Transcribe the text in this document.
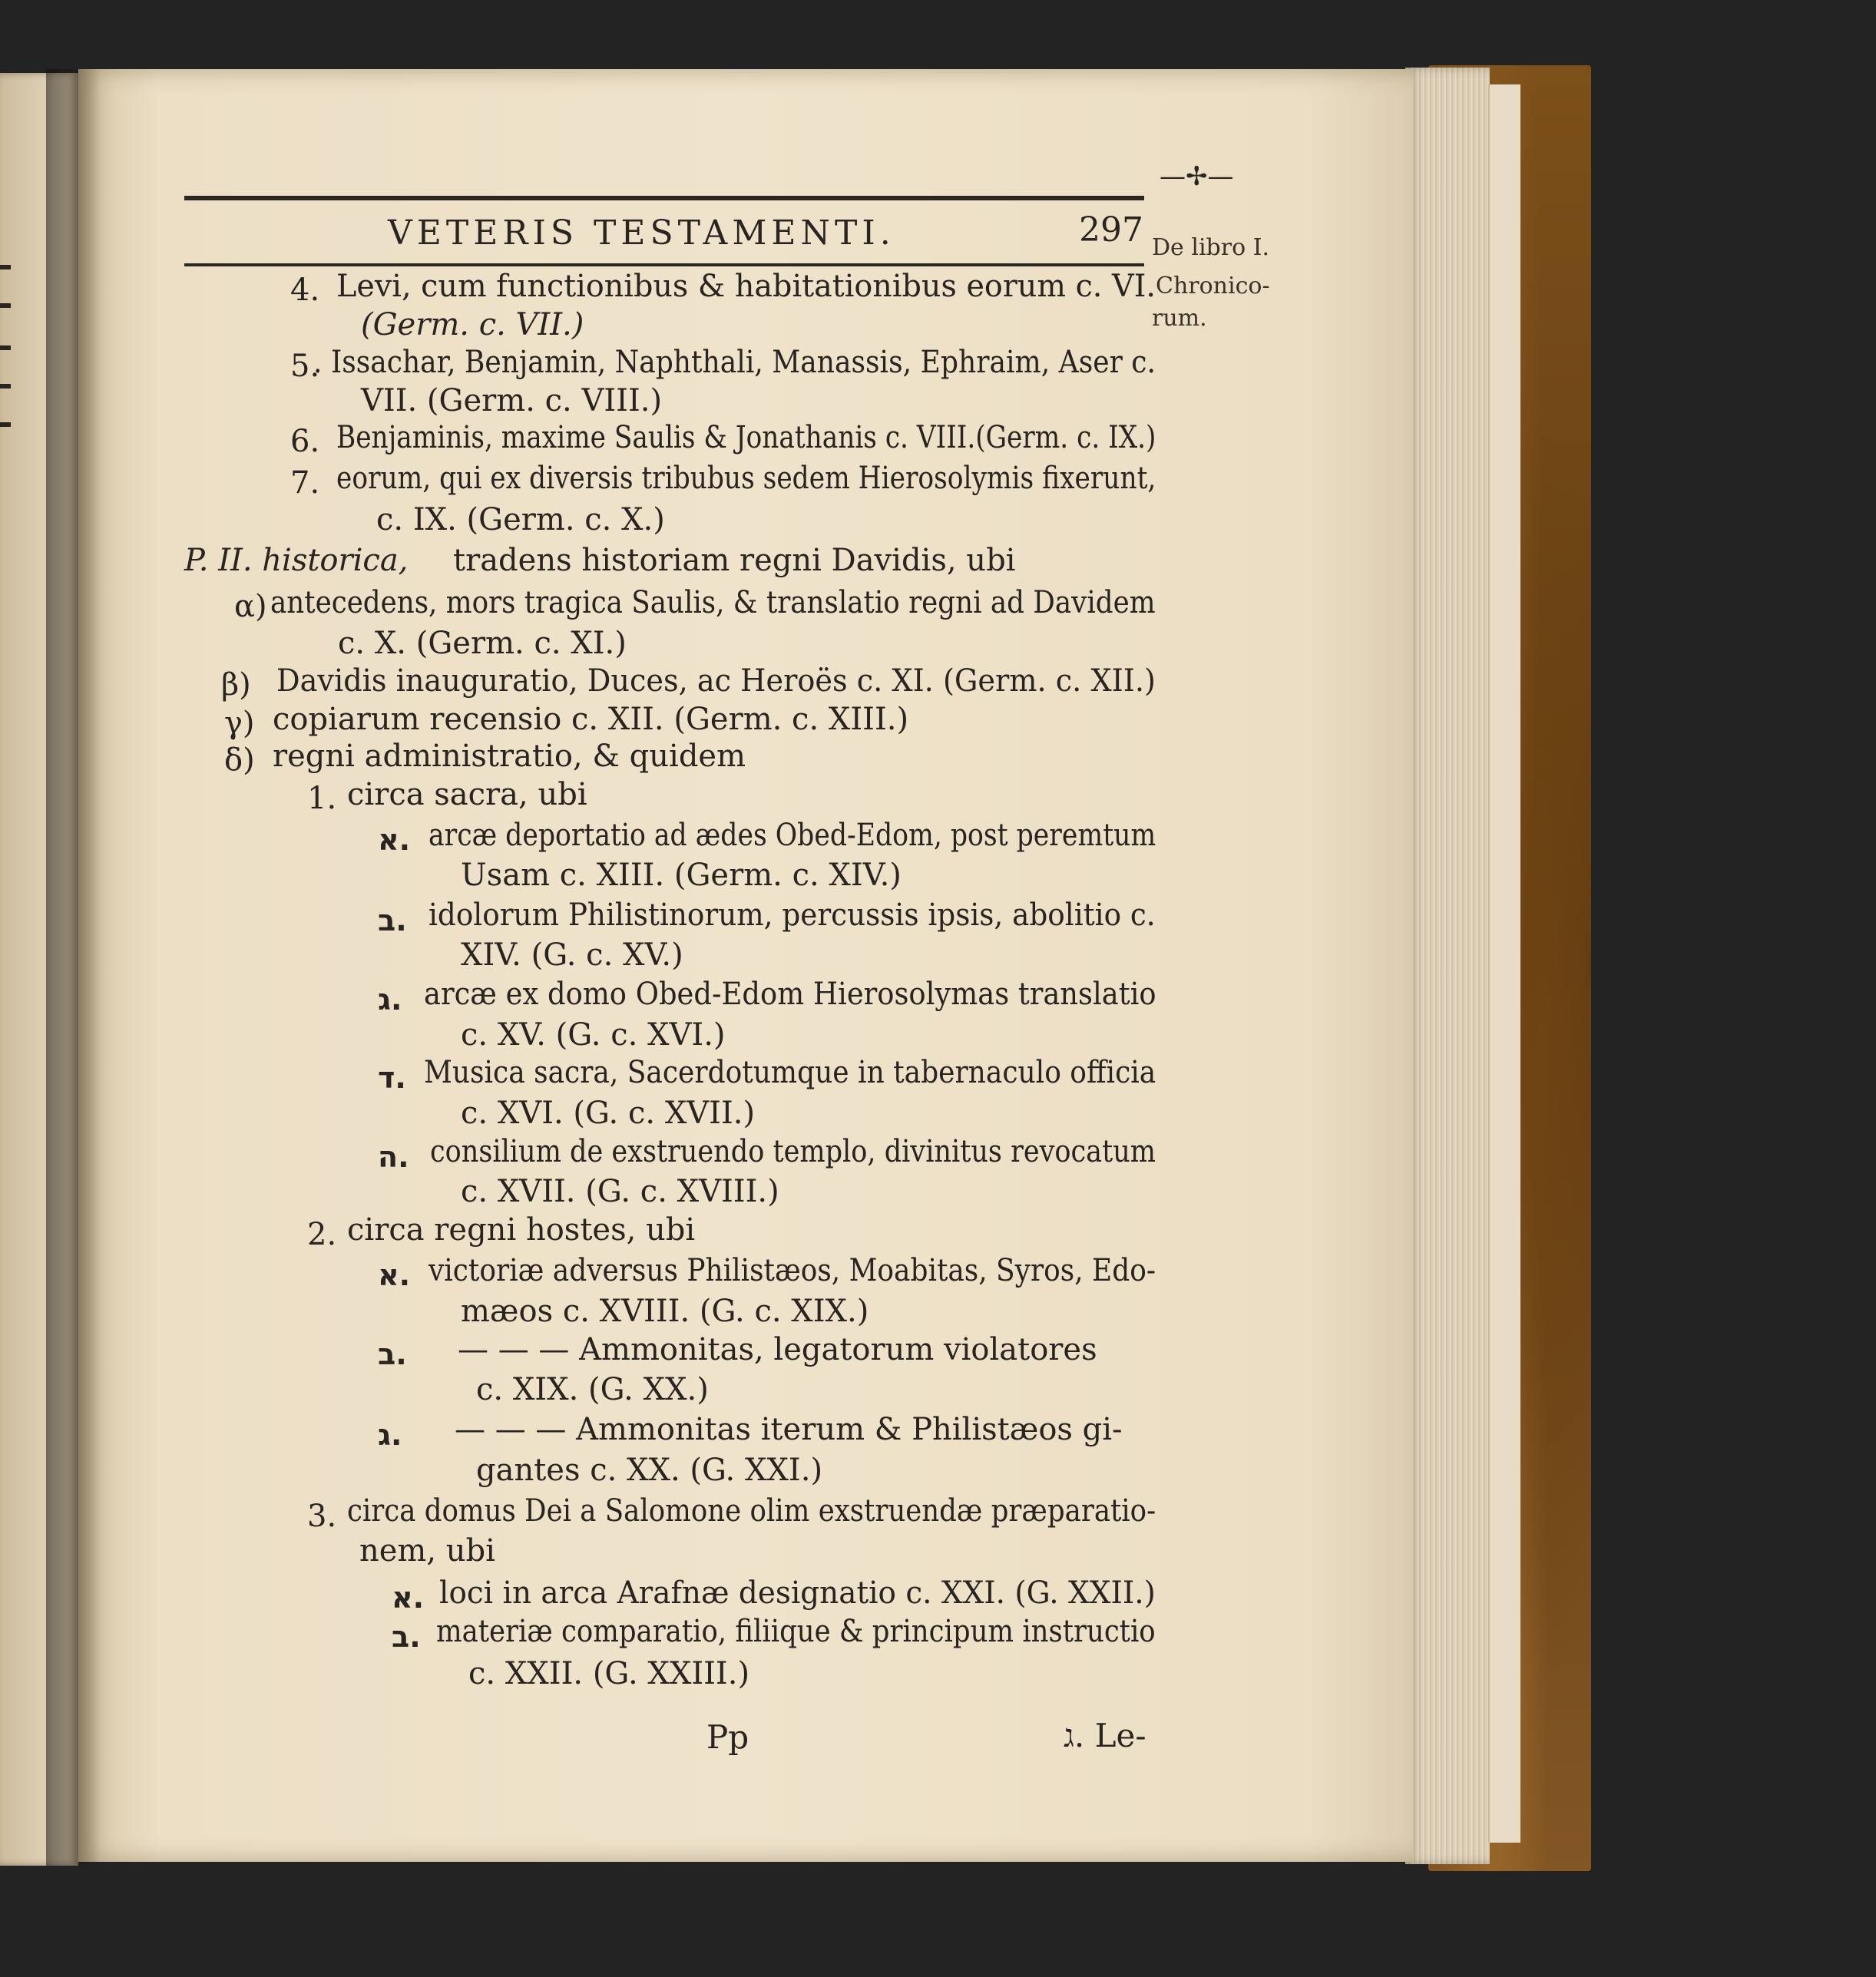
—✢—
VETERIS TESTAMENTI.	297 De libro I.
Chronico-
rum.
4. Levi, cum functionibus & habitationibus eorum c. VI.
(Germ. c. VII.)
5.
. Issachar, Benjamin, Naphthali, Manassis, Ephraim, Aser c.
VII. (Germ. c. VIII.)
6. Benjaminis, maxime Saulis & Jonathanis c. VIII.(Germ. c. IX.)
7. eorum, qui ex diversis tribubus sedem Hierosolymis fixerunt,
c. IX. (Germ. c. X.)
P. II. historica, tradens historiam regni Davidis, ubi
α) antecedens, mors tragica Saulis, & translatio regni ad Davidem
c. X. (Germ. c. XI.)
β) Davidis inauguratio, Duces, ac Heroës c. XI. (Germ. c. XII.)
γ) copiarum recensio c. XII. (Germ. c. XIII.)
δ) regni administratio, & quidem
1. circa sacra, ubi
א. arcæ deportatio ad ædes Obed-Edom, post peremtum
Usam c. XIII. (Germ. c. XIV.)
ב. idolorum Philistinorum, percussis ipsis, abolitio c.
XIV. (G. c. XV.)
ג. arcæ ex domo Obed-Edom Hierosolymas translatio
c. XV. (G. c. XVI.)
ד. Musica sacra, Sacerdotumque in tabernaculo officia
c. XVI. (G. c. XVII.)
ה. consilium de exstruendo templo, divinitus revocatum
c. XVII. (G. c. XVIII.)
2. circa regni hostes, ubi
א. victoriæ adversus Philistæos, Moabitas, Syros, Edo-
mæos c. XVIII. (G. c. XIX.)
ב. — — — Ammonitas, legatorum violatores
c. XIX. (G. XX.)
ג. — — — Ammonitas iterum & Philistæos gi-
gantes c. XX. (G. XXI.)
3. circa domus Dei a Salomone olim exstruendæ præparatio-
nem, ubi
א. loci in arca Arafnæ designatio c. XXI. (G. XXII.)
ב. materiæ comparatio, filiique & principum instructio
c. XXII. (G. XXIII.)
Pp	ג. Le-
